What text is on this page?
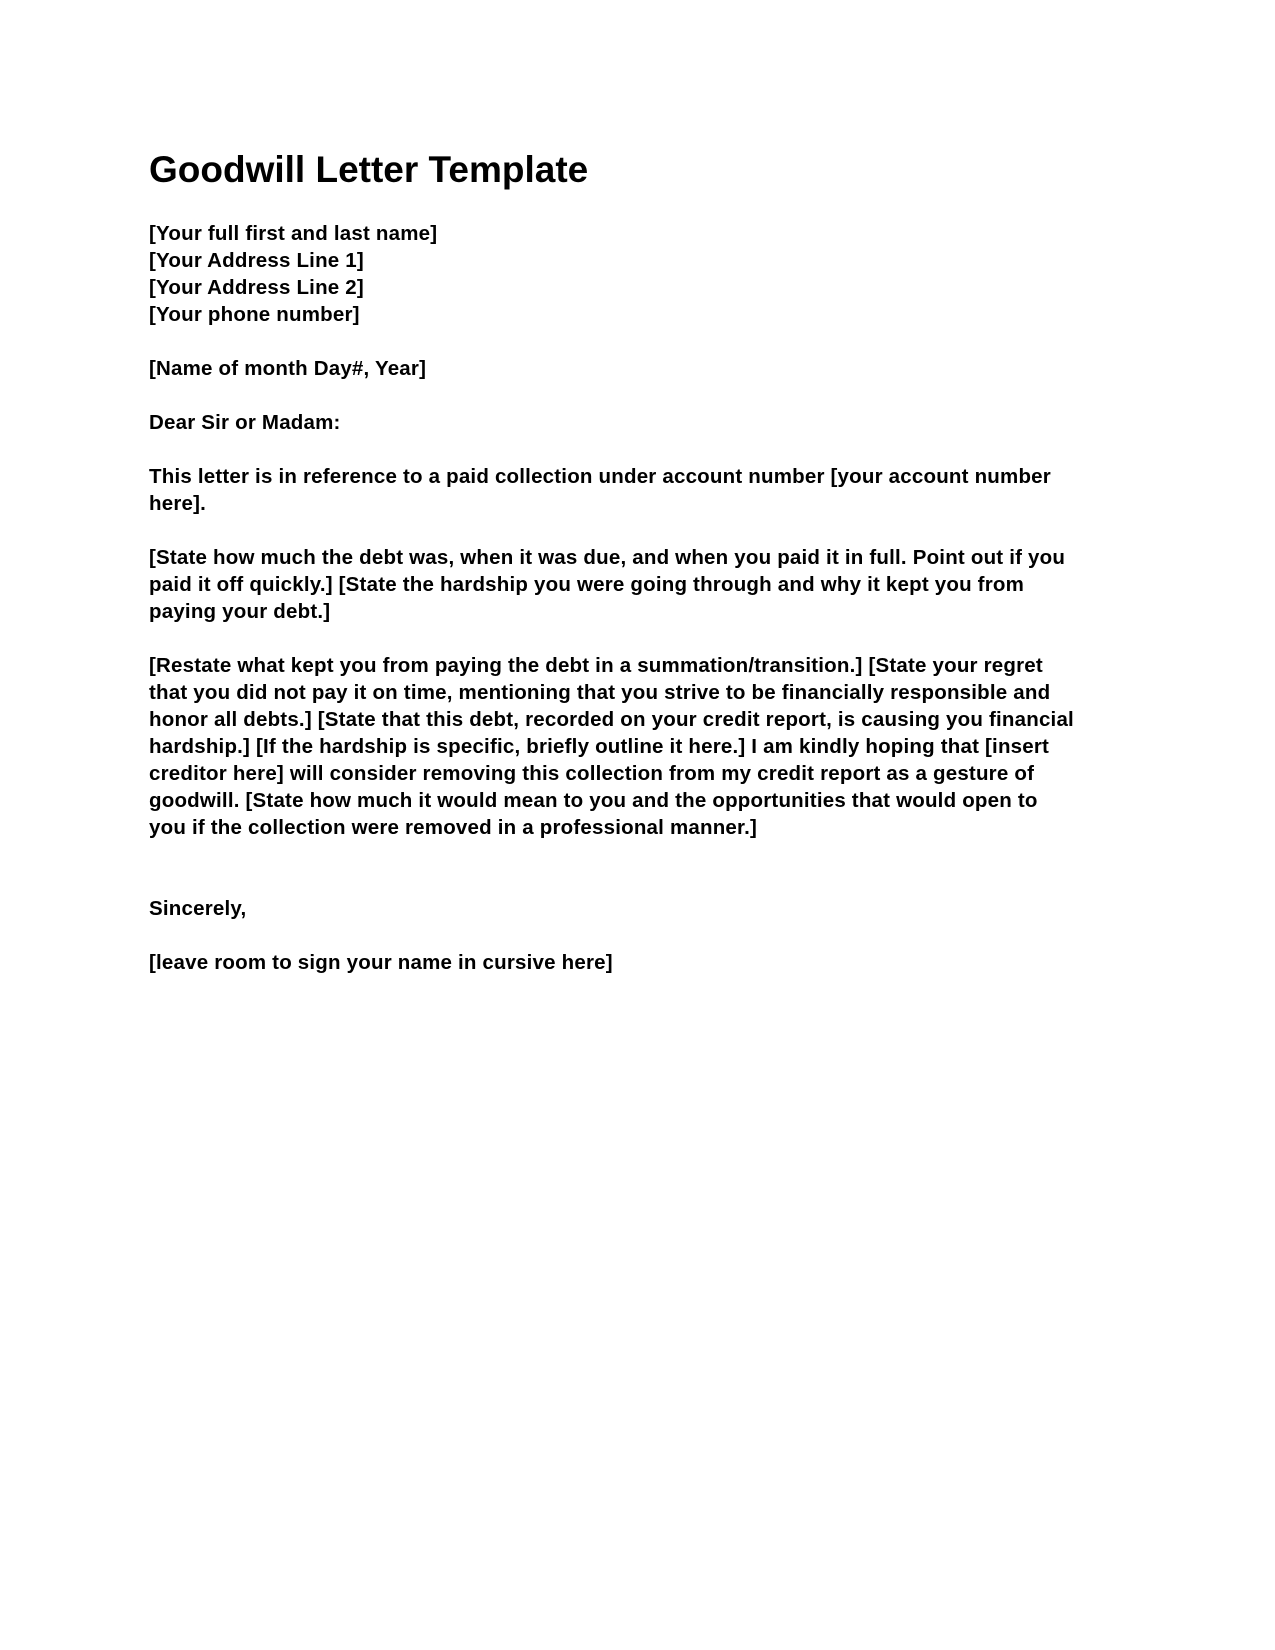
Goodwill Letter Template
[Your full first and last name]
[Your Address Line 1]
[Your Address Line 2]
[Your phone number]
[Name of month Day#, Year]
Dear Sir or Madam:
This letter is in reference to a paid collection under account number [your account number
here].
[State how much the debt was, when it was due, and when you paid it in full. Point out if you
paid it off quickly.] [State the hardship you were going through and why it kept you from
paying your debt.]
[Restate what kept you from paying the debt in a summation/transition.] [State your regret
that you did not pay it on time, mentioning that you strive to be financially responsible and
honor all debts.] [State that this debt, recorded on your credit report, is causing you financial
hardship.] [If the hardship is specific, briefly outline it here.] I am kindly hoping that [insert
creditor here] will consider removing this collection from my credit report as a gesture of
goodwill. [State how much it would mean to you and the opportunities that would open to
you if the collection were removed in a professional manner.]
Sincerely,
[leave room to sign your name in cursive here]
